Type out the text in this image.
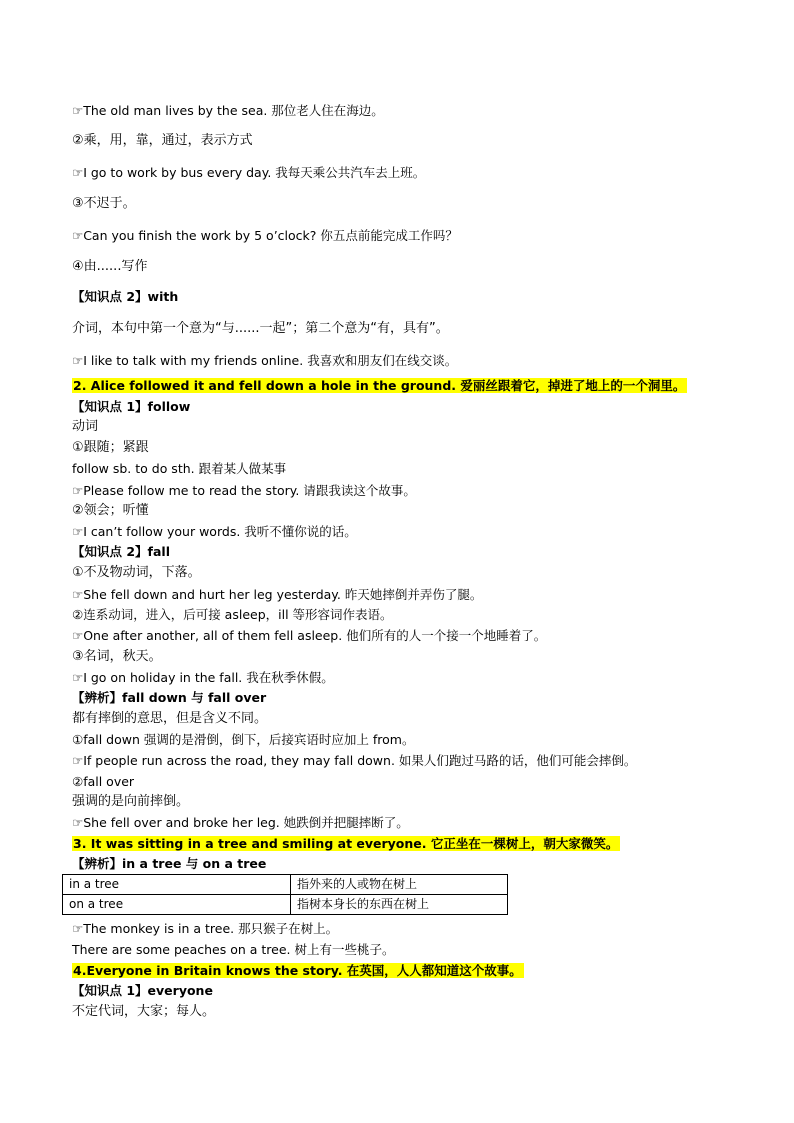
☞The old man lives by the sea. 那位老人住在海边。
②乘，用，靠，通过，表示方式
☞I go to work by bus every day. 我每天乘公共汽车去上班。
③不迟于。
☞Can you finish the work by 5 o’clock? 你五点前能完成工作吗？
④由......写作
【知识点 2】with
介词，本句中第一个意为“与......一起”；第二个意为“有，具有”。
☞I like to talk with my friends online. 我喜欢和朋友们在线交谈。
2. Alice followed it and fell down a hole in the ground. 爱丽丝跟着它，掉进了地上的一个洞里。
【知识点 1】follow
动词
①跟随；紧跟
follow sb. to do sth. 跟着某人做某事
☞Please follow me to read the story. 请跟我读这个故事。
②领会；听懂
☞I can’t follow your words. 我听不懂你说的话。
【知识点 2】fall
①不及物动词，下落。
☞She fell down and hurt her leg yesterday. 昨天她摔倒并弄伤了腿。
②连系动词，进入，后可接 asleep，ill 等形容词作表语。
☞One after another, all of them fell asleep. 他们所有的人一个接一个地睡着了。
③名词，秋天。
☞I go on holiday in the fall. 我在秋季休假。
【辨析】fall down 与 fall over
都有摔倒的意思，但是含义不同。
①fall down 强调的是滑倒，倒下，后接宾语时应加上 from。
☞If people run across the road, they may fall down. 如果人们跑过马路的话，他们可能会摔倒。
②fall over
强调的是向前摔倒。
☞She fell over and broke her leg. 她跌倒并把腿摔断了。
3. It was sitting in a tree and smiling at everyone. 它正坐在一棵树上，朝大家微笑。
【辨析】in a tree 与 on a tree
in a tree	指外来的人或物在树上
on a tree	指树本身长的东西在树上
☞The monkey is in a tree. 那只猴子在树上。
There are some peaches on a tree. 树上有一些桃子。
4.Everyone in Britain knows the story. 在英国，人人都知道这个故事。
【知识点 1】everyone
不定代词，大家；每人。
